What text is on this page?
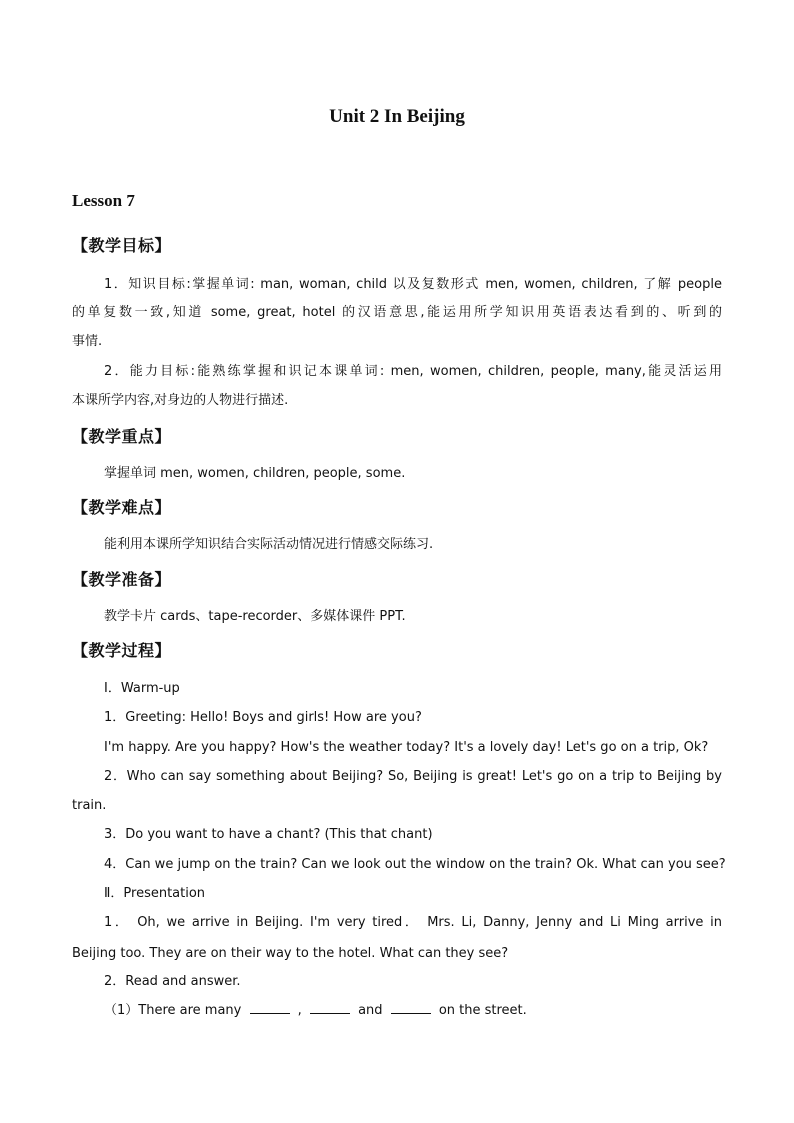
Unit 2 In Beijing
Lesson 7
【教学目标】
1．知识目标:掌握单词: man, woman, child 以及复数形式 men, women, children, 了解 people
的单复数一致,知道 some, great, hotel 的汉语意思,能运用所学知识用英语表达看到的、听到的
事情.
2．能力目标:能熟练掌握和识记本课单词: men, women, children, people, many,能灵活运用
本课所学内容,对身边的人物进行描述.
【教学重点】
掌握单词 men, women, children, people, some.
【教学难点】
能利用本课所学知识结合实际活动情况进行情感交际练习.
【教学准备】
教学卡片 cards、tape-recorder、多媒体课件 PPT.
【教学过程】
Ⅰ．Warm-up
1．Greeting: Hello! Boys and girls! How are you?
I'm happy. Are you happy? How's the weather today? It's a lovely day! Let's go on a trip, Ok?
2．Who can say something about Beijing? So, Beijing is great! Let's go on a trip to Beijing by
train.
3．Do you want to have a chant? (This that chant)
4．Can we jump on the train? Can we look out the window on the train? Ok. What can you see?
Ⅱ．Presentation
1． Oh, we arrive in Beijing. I'm very tired． Mrs. Li, Danny, Jenny and Li Ming arrive in
Beijing too. They are on their way to the hotel. What can they see?
2．Read and answer.
（1）There are many	,	and	on the street.
